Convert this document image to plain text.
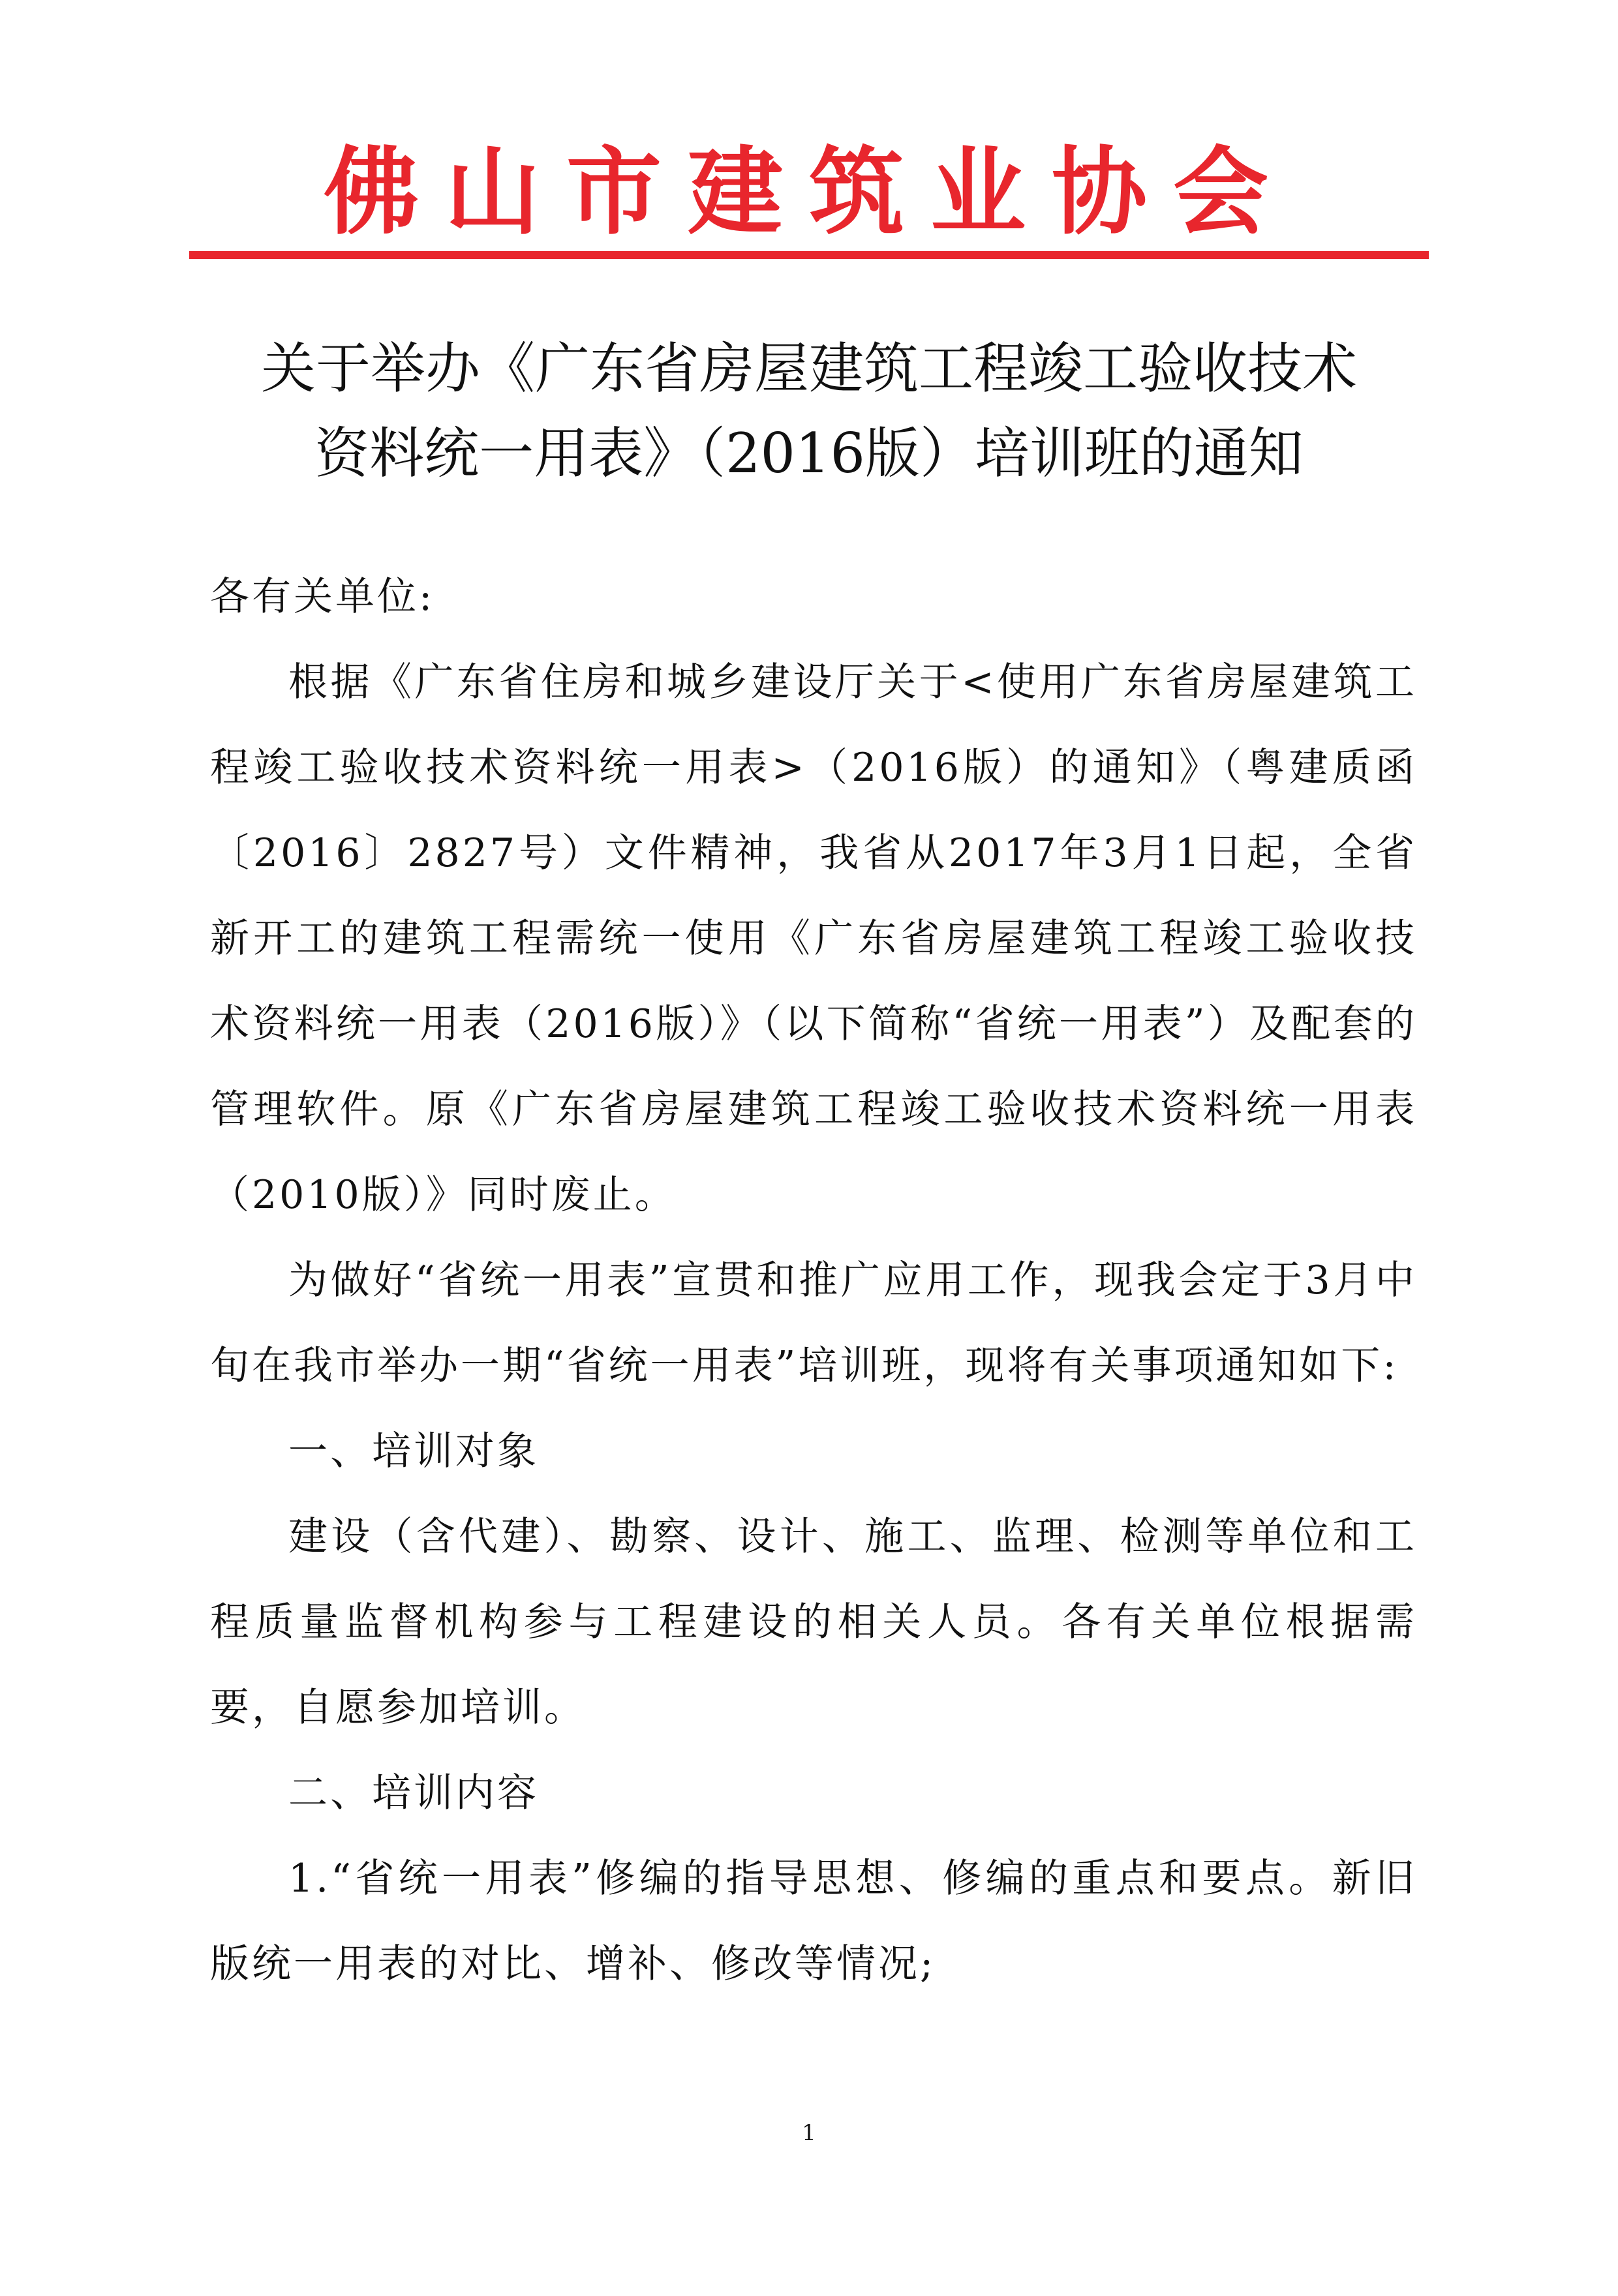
佛山市建筑业协会
关于举办《广东省房屋建筑工程竣工验收技术
资料统一用表》（2016版）培训班的通知

各有关单位:

根据《广东省住房和城乡建设厅关于<使用广东省房屋建筑工程竣工验收技术资料统一用表>（2016版）的通知》（粤建质函〔2016〕2827号）文件精神，我省从2017年3月1日起，全省新开工的建筑工程需统一使用《广东省房屋建筑工程竣工验收技术资料统一用表（2016版）》（以下简称“省统一用表”）及配套的管理软件。原《广东省房屋建筑工程竣工验收技术资料统一用表（2010版）》同时废止。

为做好“省统一用表”宣贯和推广应用工作，现我会定于3月中旬在我市举办一期“省统一用表”培训班，现将有关事项通知如下:

一、培训对象

建设（含代建）、勘察、设计、施工、监理、检测等单位和工程质量监督机构参与工程建设的相关人员。各有关单位根据需要，自愿参加培训。

二、培训内容

1.“省统一用表”修编的指导思想、修编的重点和要点。新旧版统一用表的对比、增补、修改等情况;

1
